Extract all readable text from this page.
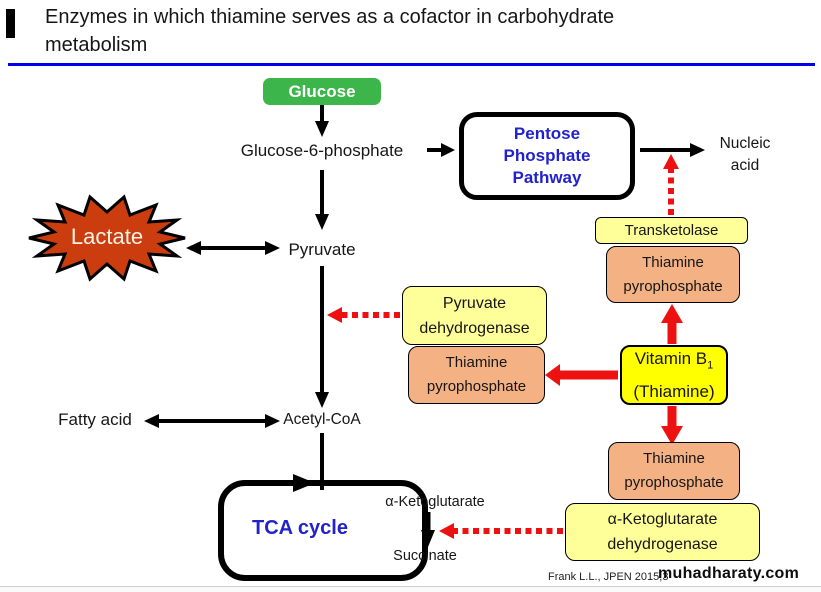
Enzymes in which thiamine serves as a cofactor in carbohydrate metabolism
Glucose
Glucose-6-phosphate
Pentose Phosphate Pathway
Nucleic acid
Transketolase
Thiamine pyrophosphate
Lactate
Pyruvate
Pyruvate dehydrogenase
Thiamine pyrophosphate
Vitamin $B_1$
(Thiamine)
Fatty acid	Acetyl-CoA
TCA cycle
α-Ketoglutarate
Succinate
Thiamine pyrophosphate
α-Ketoglutarate dehydrogenase
Frank L.L., JPEN 2015;3
muhadharaty.com
